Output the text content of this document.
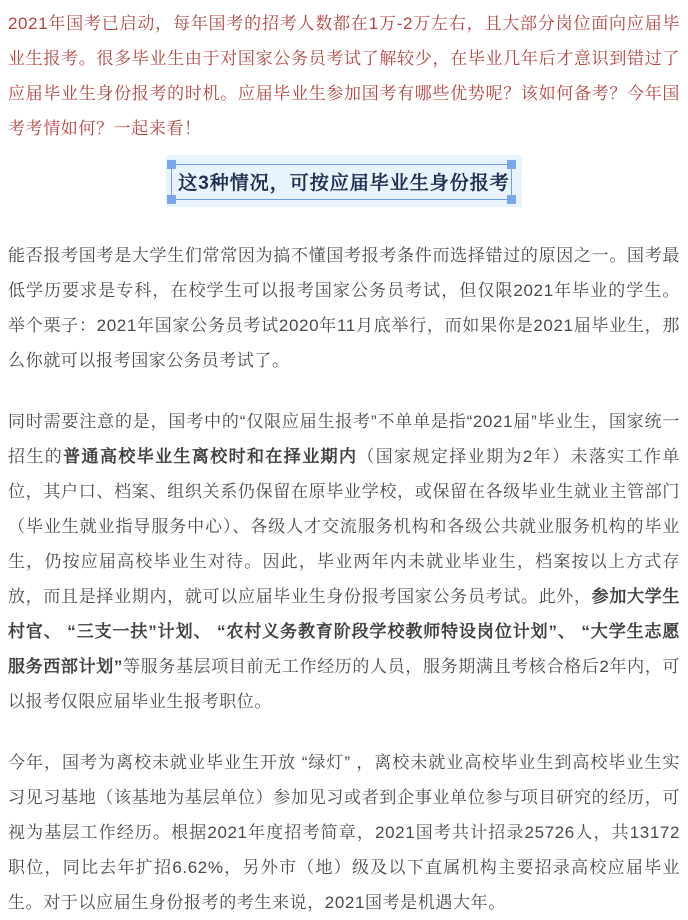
2021年国考已启动，每年国考的招考人数都在1万-2万左右，且大部分岗位面向应届毕业生报考。很多毕业生由于对国家公务员考试了解较少，在毕业几年后才意识到错过了应届毕业生身份报考的时机。应届毕业生参加国考有哪些优势呢？该如何备考？今年国考考情如何？一起来看！

这3种情况，可按应届毕业生身份报考

能否报考国考是大学生们常常因为搞不懂国考报考条件而选择错过的原因之一。国考最低学历要求是专科，在校学生可以报考国家公务员考试，但仅限2021年毕业的学生。举个栗子：2021年国家公务员考试2020年11月底举行，而如果你是2021届毕业生，那么你就可以报考国家公务员考试了。

同时需要注意的是，国考中的“仅限应届生报考”不单单是指“2021届”毕业生，国家统一招生的普通高校毕业生离校时和在择业期内（国家规定择业期为2年）未落实工作单位，其户口、档案、组织关系仍保留在原毕业学校，或保留在各级毕业生就业主管部门（毕业生就业指导服务中心）、各级人才交流服务机构和各级公共就业服务机构的毕业生，仍按应届高校毕业生对待。因此，毕业两年内未就业毕业生，档案按以上方式存放，而且是择业期内，就可以应届毕业生身份报考国家公务员考试。此外，参加大学生村官、 “三支一扶”计划、 “农村义务教育阶段学校教师特设岗位计划”、 “大学生志愿服务西部计划”等服务基层项目前无工作经历的人员，服务期满且考核合格后2年内，可以报考仅限应届毕业生报考职位。

今年，国考为离校未就业毕业生开放 “绿灯” ，离校未就业高校毕业生到高校毕业生实习见习基地（该基地为基层单位）参加见习或者到企事业单位参与项目研究的经历，可视为基层工作经历。根据2021年度招考简章，2021国考共计招录25726人，共13172职位，同比去年扩招6.62%，另外市（地）级及以下直属机构主要招录高校应届毕业生。对于以应届生身份报考的考生来说，2021国考是机遇大年。
